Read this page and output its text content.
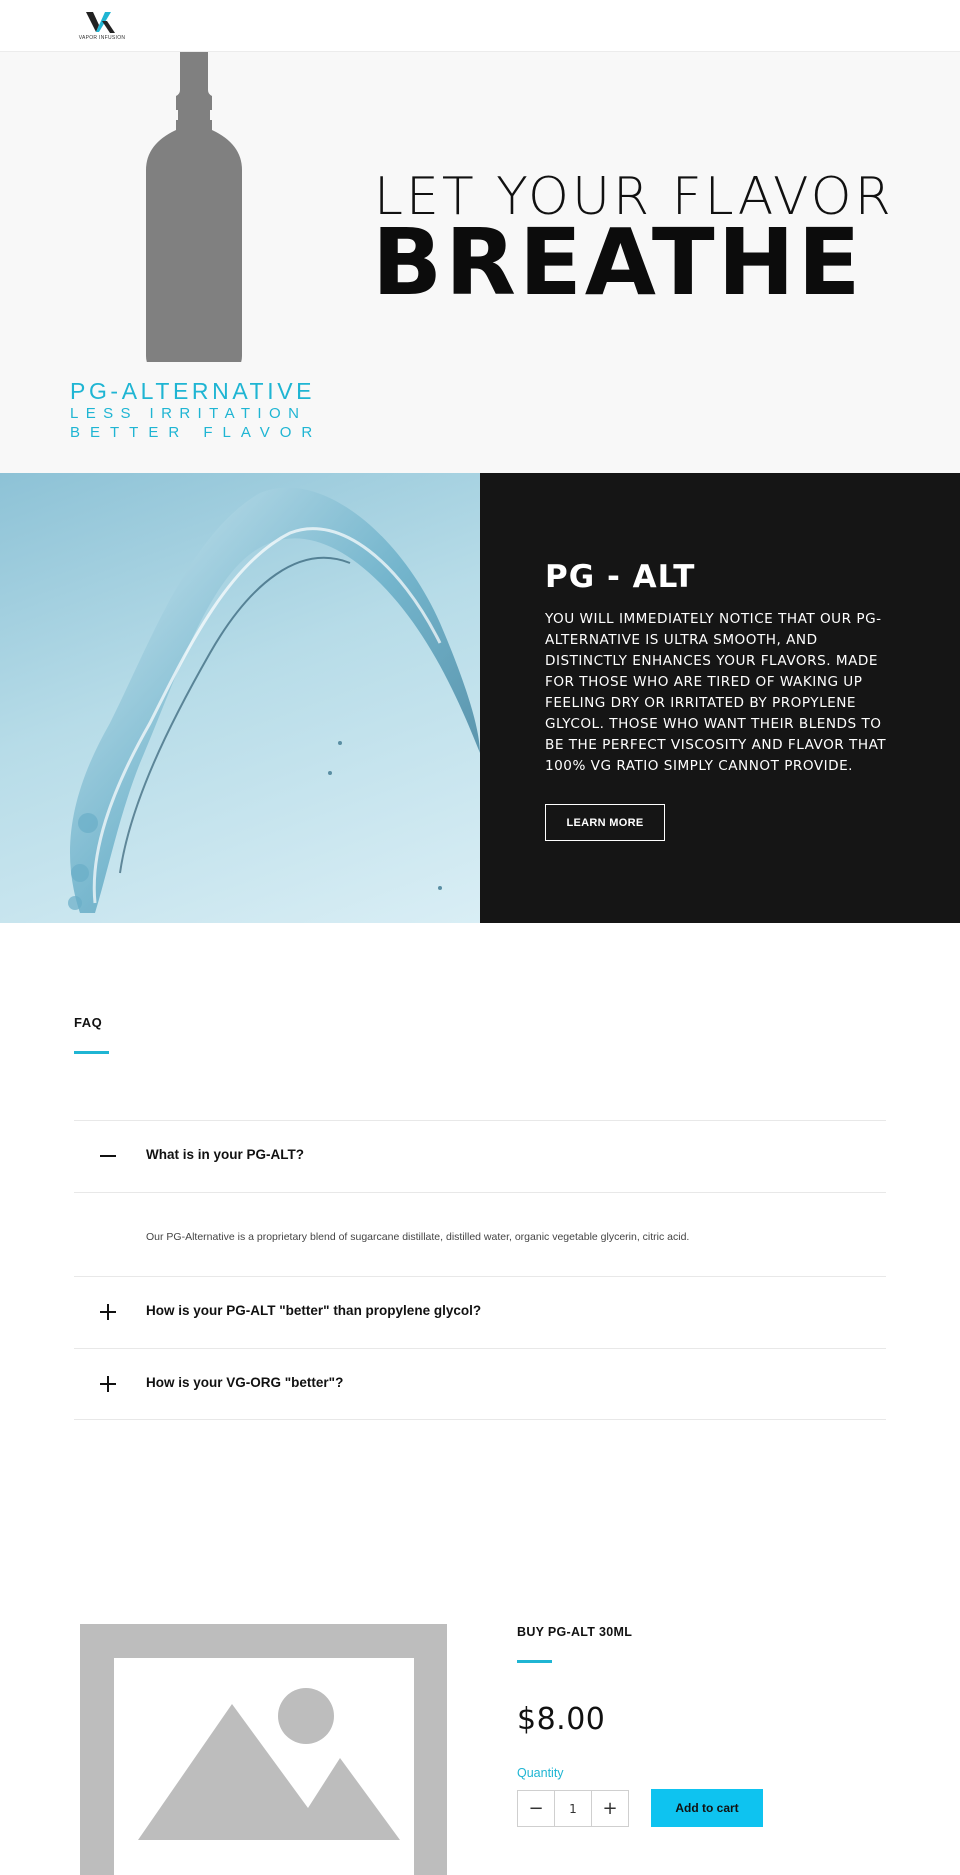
VAPOR INFUSION
PG-ALTERNATIVE
LESS IRRITATION
BETTER FLAVOR
LET YOUR FLAVOR
BREATHE
PG - ALT

YOU WILL IMMEDIATELY NOTICE THAT OUR PG-ALTERNATIVE IS ULTRA SMOOTH, AND DISTINCTLY ENHANCES YOUR FLAVORS. MADE FOR THOSE WHO ARE TIRED OF WAKING UP FEELING DRY OR IRRITATED BY PROPYLENE GLYCOL. THOSE WHO WANT THEIR BLENDS TO BE THE PERFECT VISCOSITY AND FLAVOR THAT 100% VG RATIO SIMPLY CANNOT PROVIDE.

LEARN MORE
FAQ
What is in your PG-ALT?

Our PG-Alternative is a proprietary blend of sugarcane distillate, distilled water, organic vegetable glycerin, citric acid.

How is your PG-ALT "better" than propylene glycol?
How is your VG-ORG "better"?
BUY PG-ALT 30ML
$8.00
Quantity
−	1	+	Add to cart
